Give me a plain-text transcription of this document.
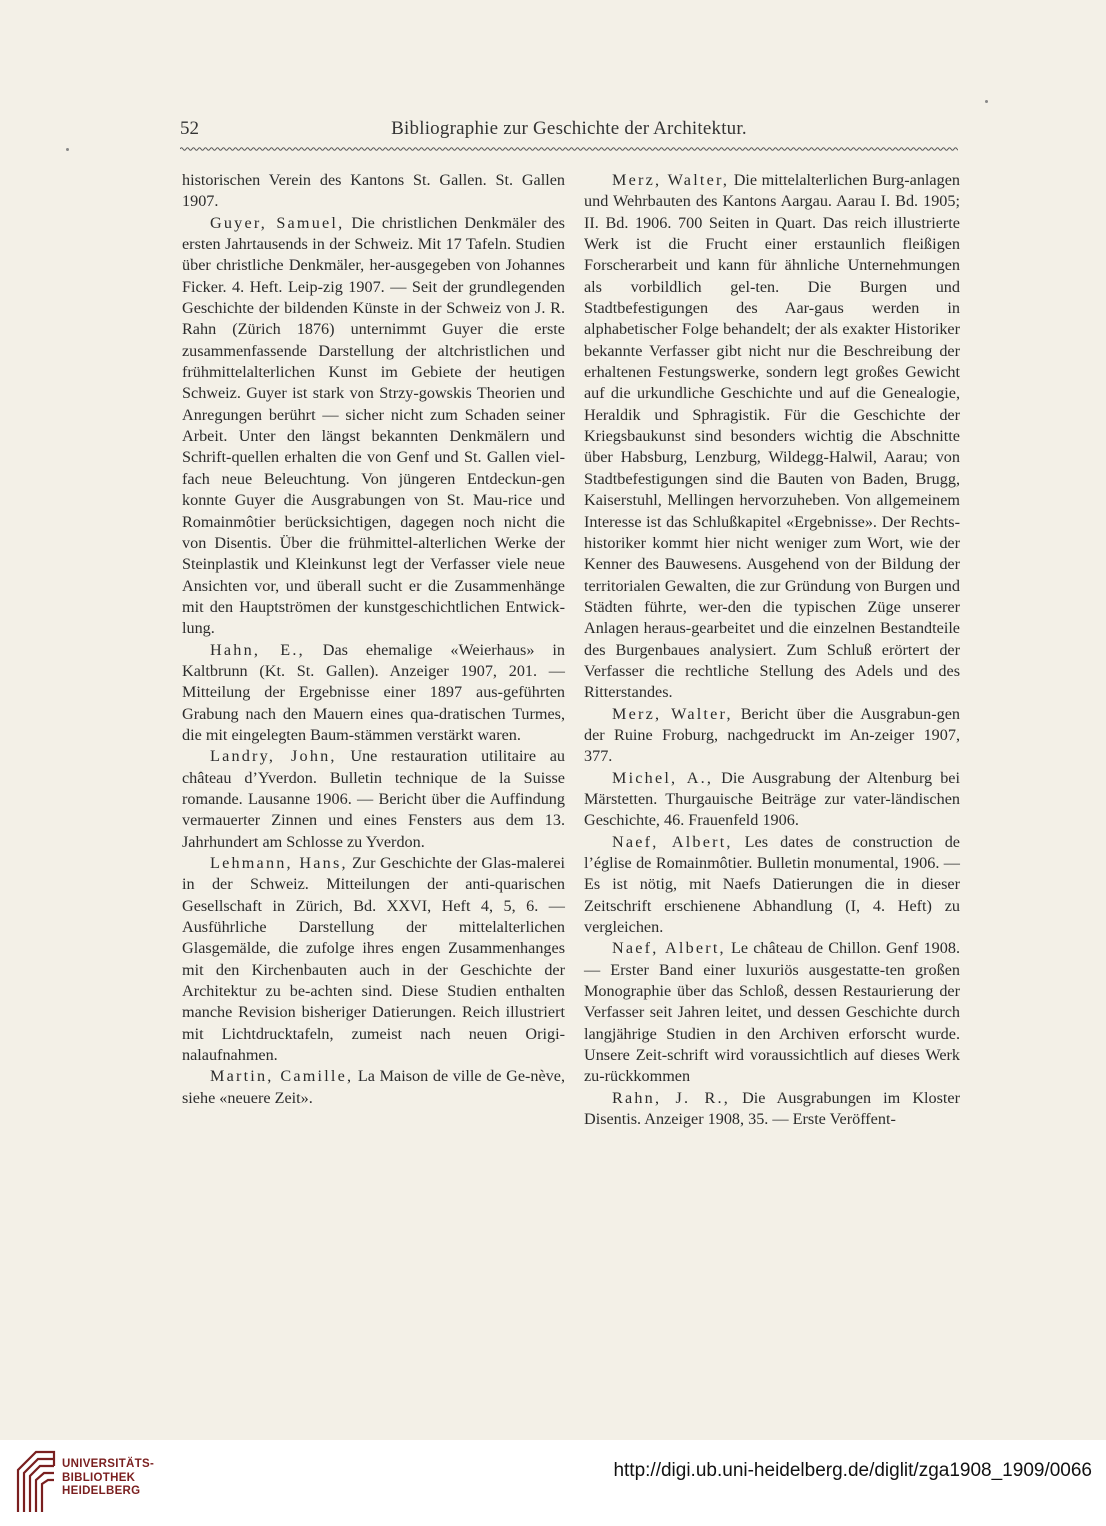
52	Bibliographie zur Geschichte der Architektur.

historischen Verein des Kantons St. Gallen. St. Gallen 1907.

Guyer, Samuel, Die christlichen Denkmäler des ersten Jahrtausends in der Schweiz. Mit 17 Tafeln. Studien über christliche Denkmäler, her-ausgegeben von Johannes Ficker. 4. Heft. Leip-zig 1907. — Seit der grundlegenden Geschichte der bildenden Künste in der Schweiz von J. R. Rahn (Zürich 1876) unternimmt Guyer die erste zusammenfassende Darstellung der altchristlichen und frühmittelalterlichen Kunst im Gebiete der heutigen Schweiz. Guyer ist stark von Strzy-gowskis Theorien und Anregungen berührt — sicher nicht zum Schaden seiner Arbeit. Unter den längst bekannten Denkmälern und Schrift-quellen erhalten die von Genf und St. Gallen viel-fach neue Beleuchtung. Von jüngeren Entdeckun-gen konnte Guyer die Ausgrabungen von St. Mau-rice und Romainmôtier berücksichtigen, dagegen noch nicht die von Disentis. Über die frühmittel-alterlichen Werke der Steinplastik und Kleinkunst legt der Verfasser viele neue Ansichten vor, und überall sucht er die Zusammenhänge mit den Hauptströmen der kunstgeschichtlichen Entwick-lung.

Hahn, E., Das ehemalige «Weierhaus» in Kaltbrunn (Kt. St. Gallen). Anzeiger 1907, 201. — Mitteilung der Ergebnisse einer 1897 aus-geführten Grabung nach den Mauern eines qua-dratischen Turmes, die mit eingelegten Baum-stämmen verstärkt waren.

Landry, John, Une restauration utilitaire au château d’Yverdon. Bulletin technique de la Suisse romande. Lausanne 1906. — Bericht über die Auffindung vermauerter Zinnen und eines Fensters aus dem 13. Jahrhundert am Schlosse zu Yverdon.

Lehmann, Hans, Zur Geschichte der Glas-malerei in der Schweiz. Mitteilungen der anti-quarischen Gesellschaft in Zürich, Bd. XXVI, Heft 4, 5, 6. — Ausführliche Darstellung der mittelalterlichen Glasgemälde, die zufolge ihres engen Zusammenhanges mit den Kirchenbauten auch in der Geschichte der Architektur zu be-achten sind. Diese Studien enthalten manche Revision bisheriger Datierungen. Reich illustriert mit Lichtdrucktafeln, zumeist nach neuen Origi-nalaufnahmen.

Martin, Camille, La Maison de ville de Ge-nève, siehe «neuere Zeit».

Merz, Walter, Die mittelalterlichen Burg-anlagen und Wehrbauten des Kantons Aargau. Aarau I. Bd. 1905; II. Bd. 1906. 700 Seiten in Quart. Das reich illustrierte Werk ist die Frucht einer erstaunlich fleißigen Forscherarbeit und kann für ähnliche Unternehmungen als vorbildlich gel-ten. Die Burgen und Stadtbefestigungen des Aar-gaus werden in alphabetischer Folge behandelt; der als exakter Historiker bekannte Verfasser gibt nicht nur die Beschreibung der erhaltenen Festungswerke, sondern legt großes Gewicht auf die urkundliche Geschichte und auf die Genealogie, Heraldik und Sphragistik. Für die Geschichte der Kriegsbaukunst sind besonders wichtig die Abschnitte über Habsburg, Lenzburg, Wildegg-Halwil, Aarau; von Stadtbefestigungen sind die Bauten von Baden, Brugg, Kaiserstuhl, Mellingen hervorzuheben. Von allgemeinem Interesse ist das Schlußkapitel «Ergebnisse». Der Rechts-historiker kommt hier nicht weniger zum Wort, wie der Kenner des Bauwesens. Ausgehend von der Bildung der territorialen Gewalten, die zur Gründung von Burgen und Städten führte, wer-den die typischen Züge unserer Anlagen heraus-gearbeitet und die einzelnen Bestandteile des Burgenbaues analysiert. Zum Schluß erörtert der Verfasser die rechtliche Stellung des Adels und des Ritterstandes.

Merz, Walter, Bericht über die Ausgrabun-gen der Ruine Froburg, nachgedruckt im An-zeiger 1907, 377.

Michel, A., Die Ausgrabung der Altenburg bei Märstetten. Thurgauische Beiträge zur vater-ländischen Geschichte, 46. Frauenfeld 1906.

Naef, Albert, Les dates de construction de l’église de Romainmôtier. Bulletin monumental, 1906. — Es ist nötig, mit Naefs Datierungen die in dieser Zeitschrift erschienene Abhandlung (I, 4. Heft) zu vergleichen.

Naef, Albert, Le château de Chillon. Genf 1908. — Erster Band einer luxuriös ausgestatte-ten großen Monographie über das Schloß, dessen Restaurierung der Verfasser seit Jahren leitet, und dessen Geschichte durch langjährige Studien in den Archiven erforscht wurde. Unsere Zeit-schrift wird voraussichtlich auf dieses Werk zu-rückkommen

Rahn, J. R., Die Ausgrabungen im Kloster Disentis. Anzeiger 1908, 35. — Erste Veröffent-

UNIVERSITÄTS-
BIBLIOTHEK
HEIDELBERG
http://digi.ub.uni-heidelberg.de/diglit/zga1908_1909/0066
